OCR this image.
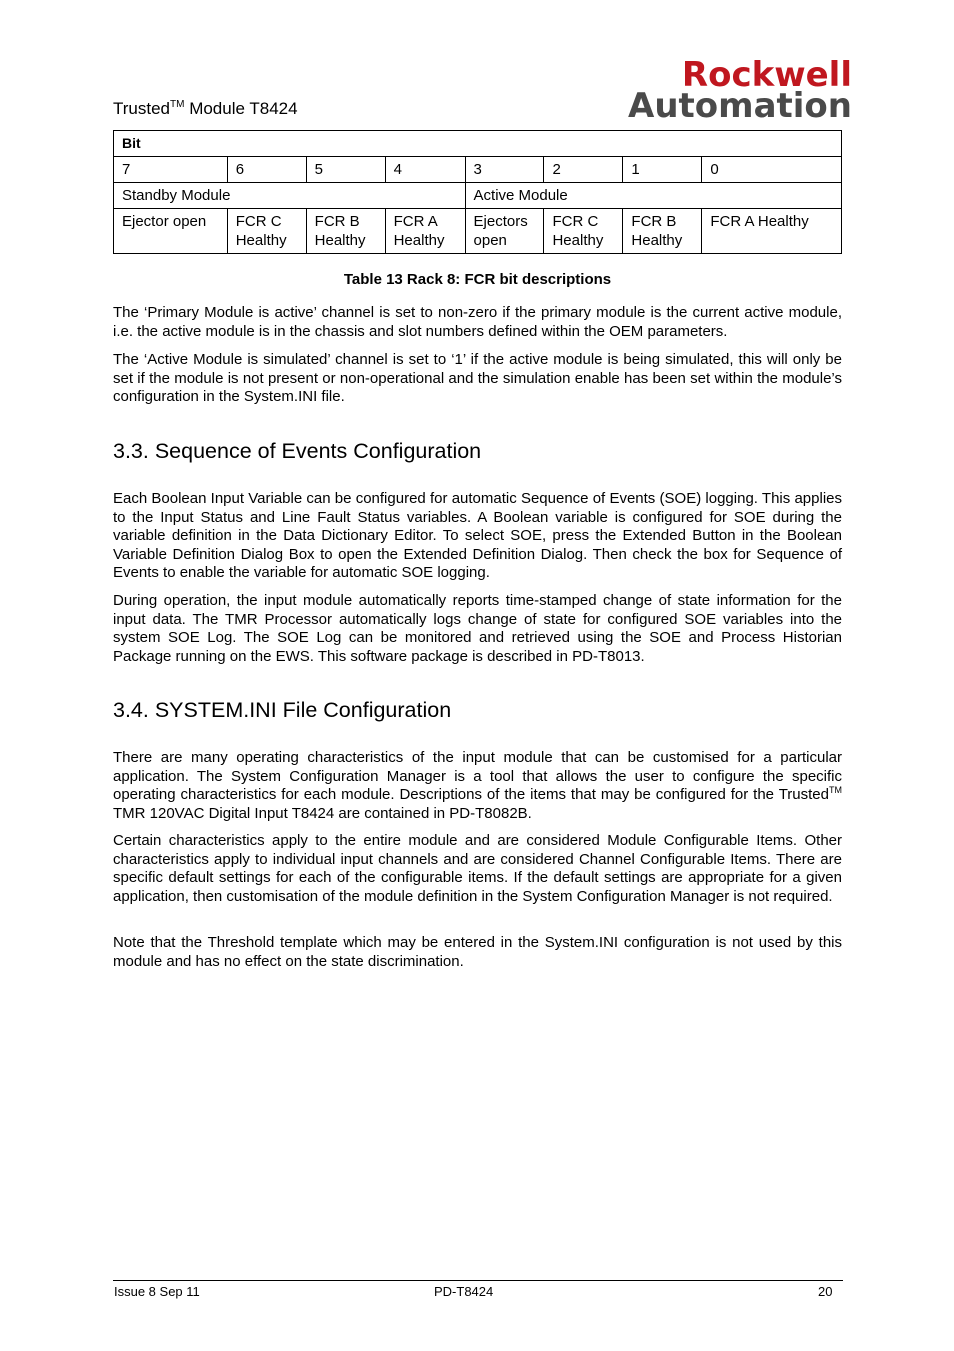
Trusted™ Module T8424
Rockwell
Automation
Bit							
7	6	5	4	3	2	1	0
Standby Module				Active Module			
Ejector open	FCR C Healthy	FCR B Healthy	FCR A Healthy	Ejectors open	FCR C Healthy	FCR B Healthy	FCR A Healthy
Table 13 Rack 8: FCR bit descriptions
The ‘Primary Module is active’ channel is set to non-zero if the primary module is the current active module, i.e. the active module is in the chassis and slot numbers defined within the OEM parameters.
The ‘Active Module is simulated’ channel is set to ‘1’ if the active module is being simulated, this will only be set if the module is not present or non-operational and the simulation enable has been set within the module’s configuration in the System.INI file.
3.3. Sequence of Events Configuration
Each Boolean Input Variable can be configured for automatic Sequence of Events (SOE) logging. This applies to the Input Status and Line Fault Status variables. A Boolean variable is configured for SOE during the variable definition in the Data Dictionary Editor. To select SOE, press the Extended Button in the Boolean Variable Definition Dialog Box to open the Extended Definition Dialog. Then check the box for Sequence of Events to enable the variable for automatic SOE logging.
During operation, the input module automatically reports time-stamped change of state information for the input data. The TMR Processor automatically logs change of state for configured SOE variables into the system SOE Log. The SOE Log can be monitored and retrieved using the SOE and Process Historian Package running on the EWS. This software package is described in PD-T8013.
3.4. SYSTEM.INI File Configuration
There are many operating characteristics of the input module that can be customised for a particular application. The System Configuration Manager is a tool that allows the user to configure the specific operating characteristics for each module. Descriptions of the items that may be configured for the Trusted™ TMR 120VAC Digital Input T8424 are contained in PD-T8082B.
Certain characteristics apply to the entire module and are considered Module Configurable Items. Other characteristics apply to individual input channels and are considered Channel Configurable Items. There are specific default settings for each of the configurable items. If the default settings are appropriate for a given application, then customisation of the module definition in the System Configuration Manager is not required.
Note that the Threshold template which may be entered in the System.INI configuration is not used by this module and has no effect on the state discrimination.
Issue 8 Sep 11	PD-T8424	20
